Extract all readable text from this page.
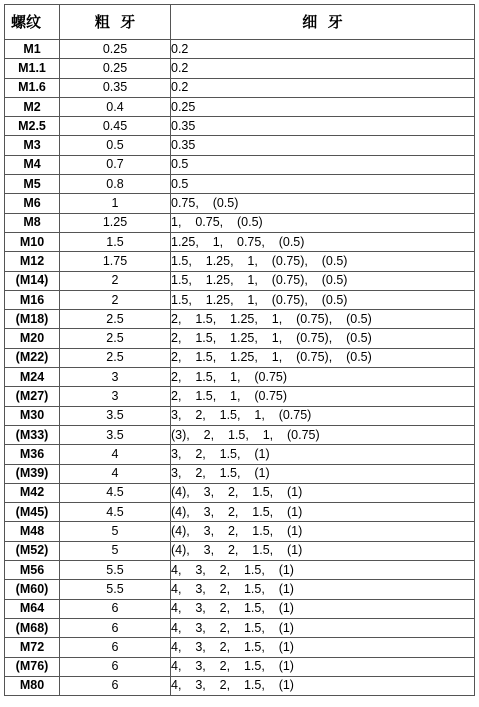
螺纹	粗  牙	细  牙
M1	0.25	0.2
M1.1	0.25	0.2
M1.6	0.35	0.2
M2	0.4	0.25
M2.5	0.45	0.35
M3	0.5	0.35
M4	0.7	0.5
M5	0.8	0.5
M6	1	0.75,    (0.5)
M8	1.25	1,    0.75,    (0.5)
M10	1.5	1.25,    1,    0.75,    (0.5)
M12	1.75	1.5,    1.25,    1,    (0.75),    (0.5)
(M14)	2	1.5,    1.25,    1,    (0.75),    (0.5)
M16	2	1.5,    1.25,    1,    (0.75),    (0.5)
(M18)	2.5	2,    1.5,    1.25,    1,    (0.75),    (0.5)
M20	2.5	2,    1.5,    1.25,    1,    (0.75),    (0.5)
(M22)	2.5	2,    1.5,    1.25,    1,    (0.75),    (0.5)
M24	3	2,    1.5,    1,    (0.75)
(M27)	3	2,    1.5,    1,    (0.75)
M30	3.5	3,    2,    1.5,    1,    (0.75)
(M33)	3.5	(3),    2,    1.5,    1,    (0.75)
M36	4	3,    2,    1.5,    (1)
(M39)	4	3,    2,    1.5,    (1)
M42	4.5	(4),    3,    2,    1.5,    (1)
(M45)	4.5	(4),    3,    2,    1.5,    (1)
M48	5	(4),    3,    2,    1.5,    (1)
(M52)	5	(4),    3,    2,    1.5,    (1)
M56	5.5	4,    3,    2,    1.5,    (1)
(M60)	5.5	4,    3,    2,    1.5,    (1)
M64	6	4,    3,    2,    1.5,    (1)
(M68)	6	4,    3,    2,    1.5,    (1)
M72	6	4,    3,    2,    1.5,    (1)
(M76)	6	4,    3,    2,    1.5,    (1)
M80	6	4,    3,    2,    1.5,    (1)
